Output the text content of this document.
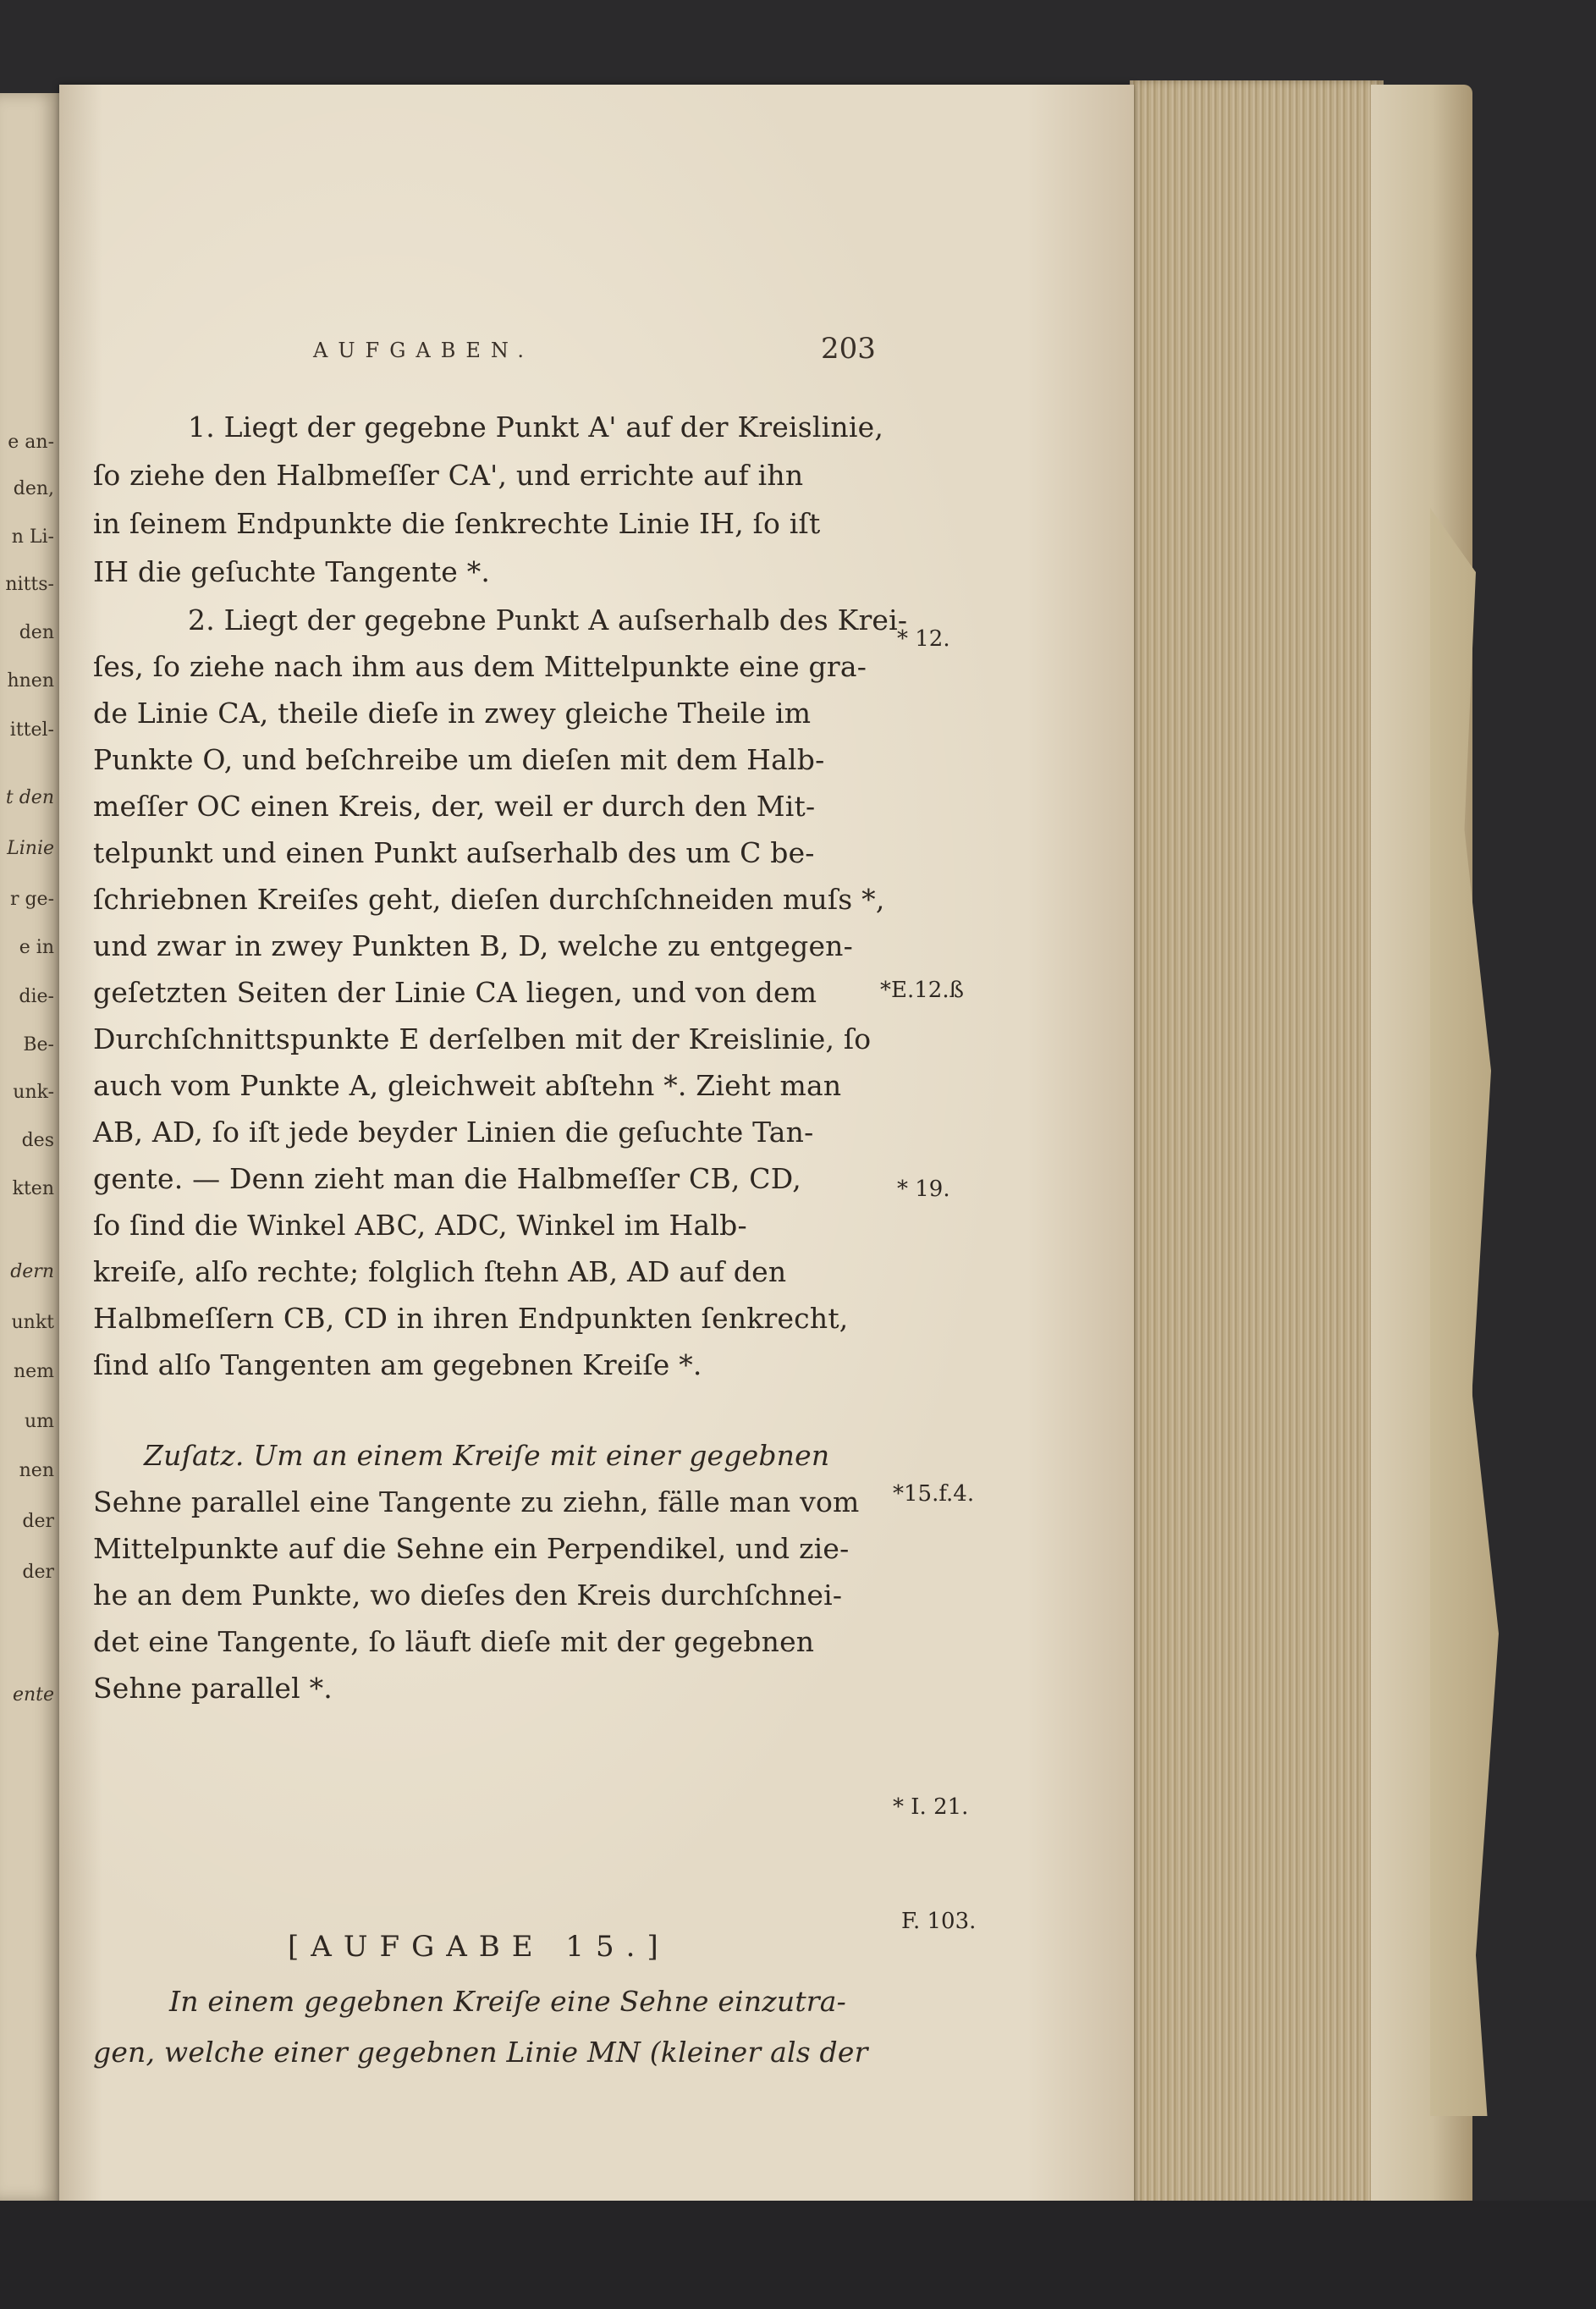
e an-
den,
n Li-
nitts-
den
hnen
ittel-
t den
Linie
r ge-
e in
die-
Be-
unk-
des
kten
dern
unkt
nem
um
nen
der
der
ente
AUFGABEN.	203
1. Liegt der gegebne Punkt A' auf der Kreislinie,
ſo ziehe den Halbmeſſer CA', und errichte auf ihn
in ſeinem Endpunkte die ſenkrechte Linie IH, ſo iſt
IH die geſuchte Tangente *.
2. Liegt der gegebne Punkt A auſserhalb des Krei-
ſes, ſo ziehe nach ihm aus dem Mittelpunkte eine gra-
de Linie CA, theile dieſe in zwey gleiche Theile im
Punkte O, und beſchreibe um dieſen mit dem Halb-
meſſer OC einen Kreis, der, weil er durch den Mit-
telpunkt und einen Punkt auſserhalb des um C be-
ſchriebnen Kreiſes geht, dieſen durchſchneiden muſs *,
und zwar in zwey Punkten B, D, welche zu entgegen-
geſetzten Seiten der Linie CA liegen, und von dem
Durchſchnittspunkte E derſelben mit der Kreislinie, ſo
auch vom Punkte A, gleichweit abſtehn *. Zieht man
AB, AD, ſo iſt jede beyder Linien die geſuchte Tan-
gente. — Denn zieht man die Halbmeſſer CB, CD,
ſo ſind die Winkel ABC, ADC, Winkel im Halb-
kreiſe, alſo rechte; folglich ſtehn AB, AD auf den
Halbmeſſern CB, CD in ihren Endpunkten ſenkrecht,
ſind alſo Tangenten am gegebnen Kreiſe *.
Zuſatz. Um an einem Kreiſe mit einer gegebnen
Sehne parallel eine Tangente zu ziehn, fälle man vom
Mittelpunkte auf die Sehne ein Perpendikel, und zie-
he an dem Punkte, wo dieſes den Kreis durchſchnei-
det eine Tangente, ſo läuft dieſe mit der gegebnen
Sehne parallel *.
[AUFGABE 15.]
In einem gegebnen Kreiſe eine Sehne einzutra-
gen, welche einer gegebnen Linie MN (kleiner als der
* 12.
*E.12.ß
* 19.
*15.f.4.
* I. 21.
F. 103.
